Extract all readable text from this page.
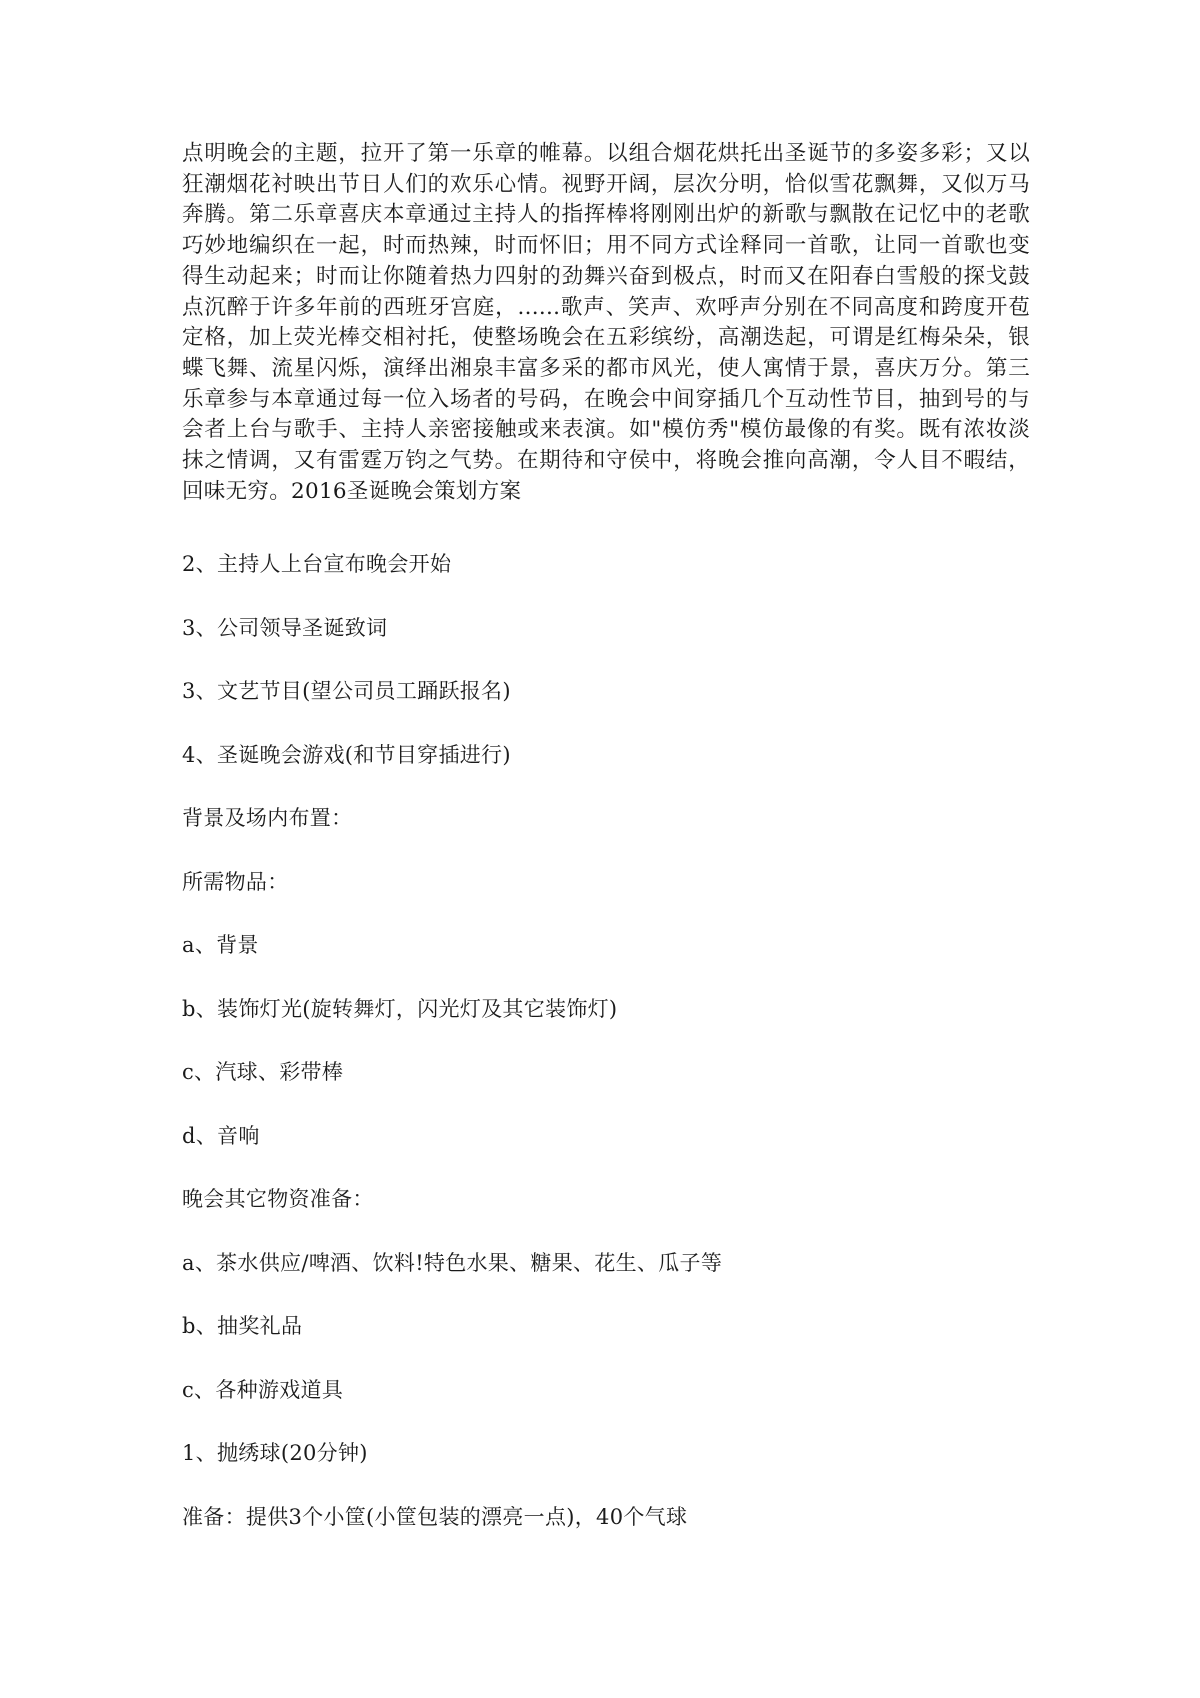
点明晚会的主题，拉开了第一乐章的帷幕。以组合烟花烘托出圣诞节的多姿多彩；又以狂潮烟花衬映出节日人们的欢乐心情。视野开阔，层次分明，恰似雪花飘舞，又似万马奔腾。第二乐章喜庆本章通过主持人的指挥棒将刚刚出炉的新歌与飘散在记忆中的老歌巧妙地编织在一起，时而热辣，时而怀旧；用不同方式诠释同一首歌，让同一首歌也变得生动起来；时而让你随着热力四射的劲舞兴奋到极点，时而又在阳春白雪般的探戈鼓点沉醉于许多年前的西班牙宫庭，......歌声、笑声、欢呼声分别在不同高度和跨度开苞定格，加上荧光棒交相衬托，使整场晚会在五彩缤纷，高潮迭起，可谓是红梅朵朵，银蝶飞舞、流星闪烁，演绎出湘泉丰富多采的都市风光，使人寓情于景，喜庆万分。第三乐章参与本章通过每一位入场者的号码，在晚会中间穿插几个互动性节目，抽到号的与会者上台与歌手、主持人亲密接触或来表演。如"模仿秀"模仿最像的有奖。既有浓妆淡抹之情调，又有雷霆万钧之气势。在期待和守侯中，将晚会推向高潮，令人目不暇结，回味无穷。2016圣诞晚会策划方案

2、主持人上台宣布晚会开始
3、公司领导圣诞致词
3、文艺节目(望公司员工踊跃报名)
4、圣诞晚会游戏(和节目穿插进行)
背景及场内布置：
所需物品：
a、背景
b、装饰灯光(旋转舞灯，闪光灯及其它装饰灯)
c、汽球、彩带棒
d、音响
晚会其它物资准备：
a、茶水供应/啤酒、饮料!特色水果、糖果、花生、瓜子等
b、抽奖礼品
c、各种游戏道具
1、抛绣球(20分钟)
准备：提供3个小筐(小筐包装的漂亮一点)，40个气球
